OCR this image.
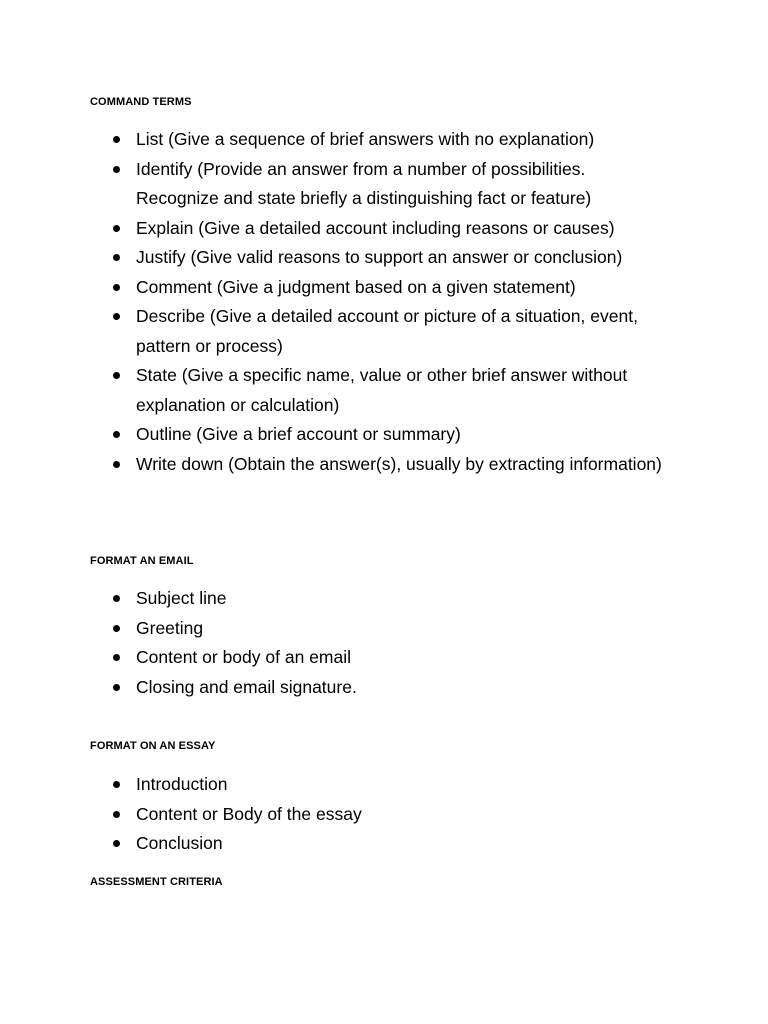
COMMAND TERMS
List (Give a sequence of brief answers with no explanation)
Identify (Provide an answer from a number of possibilities. Recognize and state briefly a distinguishing fact or feature)
Explain (Give a detailed account including reasons or causes)
Justify (Give valid reasons to support an answer or conclusion)
Comment (Give a judgment based on a given statement)
Describe (Give a detailed account or picture of a situation, event, pattern or process)
State (Give a specific name, value or other brief answer without explanation or calculation)
Outline (Give a brief account or summary)
Write down (Obtain the answer(s), usually by extracting information)
FORMAT AN EMAIL
Subject line
Greeting
Content or body of an email
Closing and email signature.
FORMAT ON AN ESSAY
Introduction
Content or Body of the essay
Conclusion
ASSESSMENT CRITERIA
